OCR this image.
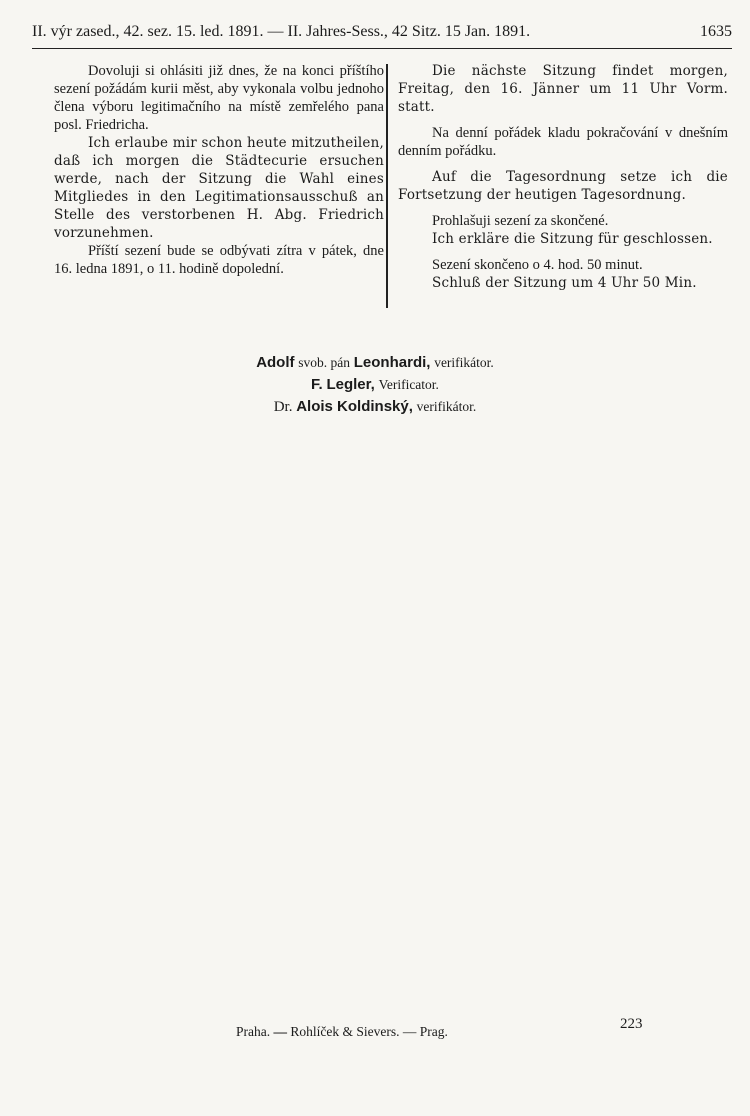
II. výr zased., 42. sez. 15. led. 1891. — II. Jahres-Sess., 42 Sitz. 15 Jan. 1891.	1635

Dovoluji si ohlásiti již dnes, že na konci příštího sezení požádám kurii měst, aby vykonala volbu jednoho člena výboru legitimačního na místě zemřelého pana posl. Friedricha.

Ich erlaube mir schon heute mitzutheilen, daß ich morgen die Städtecurie ersuchen werde, nach der Sitzung die Wahl eines Mitgliedes in den Legitimationsausschuß an Stelle des verstorbenen H. Abg. Friedrich vorzunehmen.

Příští sezení bude se odbývati zítra v pátek, dne 16. ledna 1891, o 11. hodině dopolední.

Die nächste Sitzung findet morgen, Freitag, den 16. Jänner um 11 Uhr Vorm. statt.

Na denní pořádek kladu pokračování v dnešním denním pořádku.

Auf die Tagesordnung setze ich die Fortsetzung der heutigen Tagesordnung.

Prohlašuji sezení za skončené.

Ich erkläre die Sitzung für geschlossen.

Sezení skončeno o 4. hod. 50 minut.

Schluß der Sitzung um 4 Uhr 50 Min.

Adolf svob. pán Leonhardi, verifikátor.
F. Legler, Verificator.
Dr. Alois Koldinský, verifikátor.
Praha. — Rohlíček & Sievers. — Prag.	223
